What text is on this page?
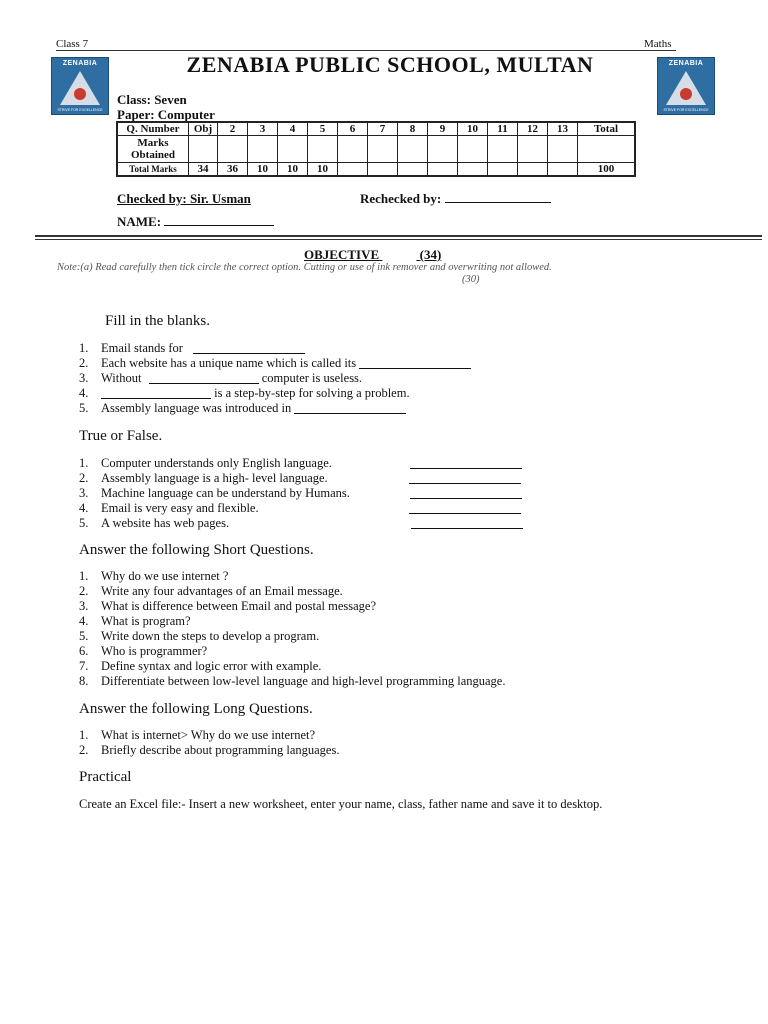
Class 7	Maths
ZENABIA
STRIVE FOR EXCELLENCE
ZENABIA
STRIVE FOR EXCELLENCE
ZENABIA PUBLIC SCHOOL, MULTAN
Class: Seven
Paper: Computer
Q. Number	Obj	2	3	4	5	6	7	8	9	10	11	12	13	Total
Marks Obtained														
Total Marks	34	36	10	10	10									100
Checked by: Sir. Usman	Rechecked by:
NAME:
OBJECTIVE	(34)
Note:(a) Read carefully then tick circle the correct option. Cutting or use of ink remover and overwriting not allowed.
(30)
Fill in the blanks.
1. Email stands for
2. Each website has a unique name which is called its
3. Without	computer is useless.
4.	is a step-by-step for solving a problem.
5. Assembly language was introduced in
True or False.
1. Computer understands only English language.
2. Assembly language is a high- level language.
3. Machine language can be understand by Humans.
4. Email is very easy and flexible.
5. A website has web pages.
Answer the following Short Questions.
1. Why do we use internet ?
2. Write any four advantages of an Email message.
3. What is difference between Email and postal message?
4. What is program?
5. Write down the steps to develop a program.
6. Who is programmer?
7. Define syntax and logic error with example.
8. Differentiate between low-level language and high-level programming language.
Answer the following Long Questions.
1. What is internet> Why do we use internet?
2. Briefly describe about programming languages.
Practical
Create an Excel file:- Insert a new worksheet, enter your name, class, father name and save it to desktop.
